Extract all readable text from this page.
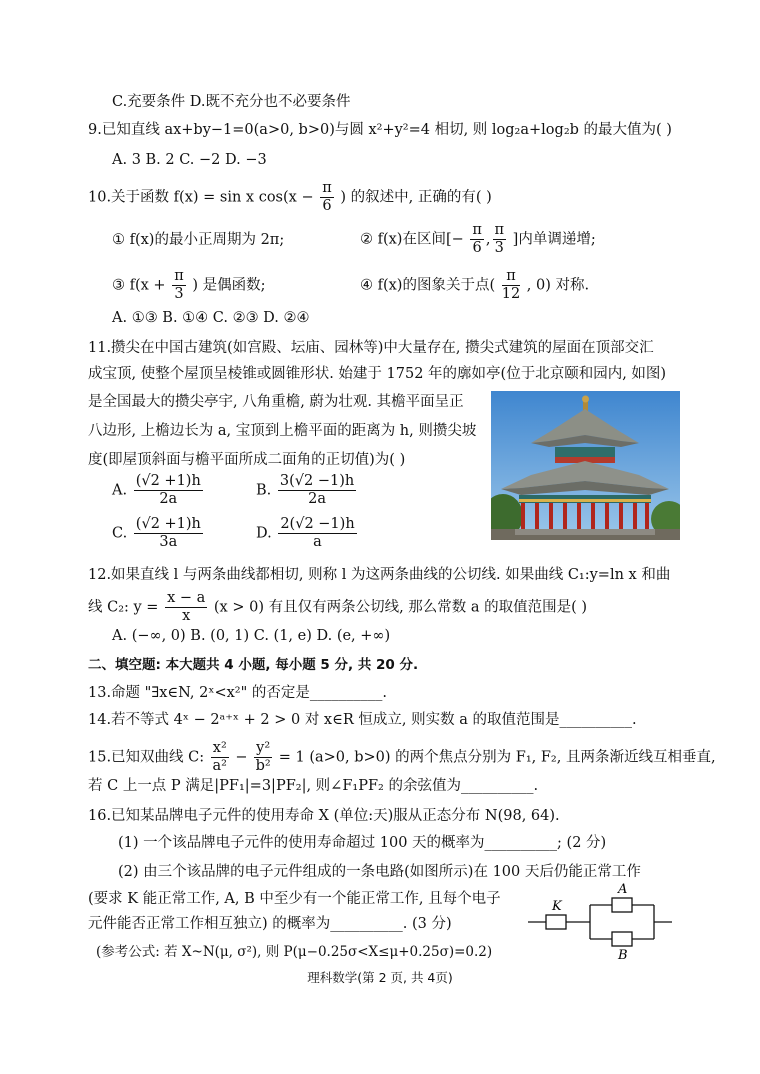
C.充要条件 D.既不充分也不必要条件
9.已知直线 ax+by−1=0(a>0, b>0)与圆 x²+y²=4 相切, 则 log₂a+log₂b 的最大值为( )
A. 3 B. 2 C. −2 D. −3
10.关于函数 f(x) = sin x $\cos(x - \frac{\pi}{6}$ ) 的叙述中, 正确的有( )
① f(x)的最小正周期为 2π;	② f(x)在区间[− $\frac{\pi}{6}$ , $\frac{\pi}{3}$ ]内单调递增;
③ $f(x + \frac{\pi}{3}$ ) 是偶函数;	④ f(x)的图象关于点( $\frac{\pi}{12}$ , 0) 对称.
A. ①③ B. ①④ C. ②③ D. ②④
11.攒尖在中国古建筑(如宫殿、坛庙、园林等)中大量存在, 攒尖式建筑的屋面在顶部交汇
成宝顶, 使整个屋顶呈棱锥或圆锥形状. 始建于 1752 年的廓如亭(位于北京颐和园内, 如图)
是全国最大的攒尖亭宇, 八角重檐, 蔚为壮观. 其檐平面呈正
八边形, 上檐边长为 a, 宝顶到上檐平面的距离为 h, 则攒尖坡
度(即屋顶斜面与檐平面所成二面角的正切值)为( )
A. $\frac{(√2 +1)h}{2a}$	B. $\frac{3(√2 -1)h}{2a}$
C. $\frac{(√2 +1)h}{3a}$	D. $\frac{2(√2 -1)h}{a}$
12.如果直线 l 与两条曲线都相切, 则称 l 为这两条曲线的公切线. 如果曲线 C₁:y=ln x 和曲
线 C₂: $y = \frac{x - a}{x} (x > 0)$ 有且仅有两条公切线, 那么常数 a 的取值范围是( )
A. (−∞, 0) B. (0, 1) C. (1, e) D. (e, +∞)
二、填空题: 本大题共 4 小题, 每小题 5 分, 共 20 分.
13.命题 "∃x∈N, 2ˣ<x²" 的否定是__________.
14.若不等式 4ˣ − 2ᵃ⁺ˣ + 2 > 0 对 x∈R 恒成立, 则实数 a 的取值范围是__________.
15.已知双曲线 C: $\frac{\text{x²}}{\text{a²}} - \frac{\text{y²}}{\text{b²}} = 1$ (a>0, b>0) 的两个焦点分别为 F₁, F₂, 且两条渐近线互相垂直,
若 C 上一点 P 满足|PF₁|=3|PF₂|, 则∠F₁PF₂ 的余弦值为__________.
16.已知某品牌电子元件的使用寿命 X (单位:天)服从正态分布 N(98, 64).
(1) 一个该品牌电子元件的使用寿命超过 100 天的概率为__________; (2 分)
(2) 由三个该品牌的电子元件组成的一条电路(如图所示)在 100 天后仍能正常工作
(要求 K 能正常工作, A, B 中至少有一个能正常工作, 且每个电子
元件能否正常工作相互独立) 的概率为__________. (3 分)
(参考公式: 若 X~N(μ, σ²), 则 P(μ−0.25σ<X≤μ+0.25σ)=0.2)
K
A
B
理科数学(第 2 页, 共 4页)
